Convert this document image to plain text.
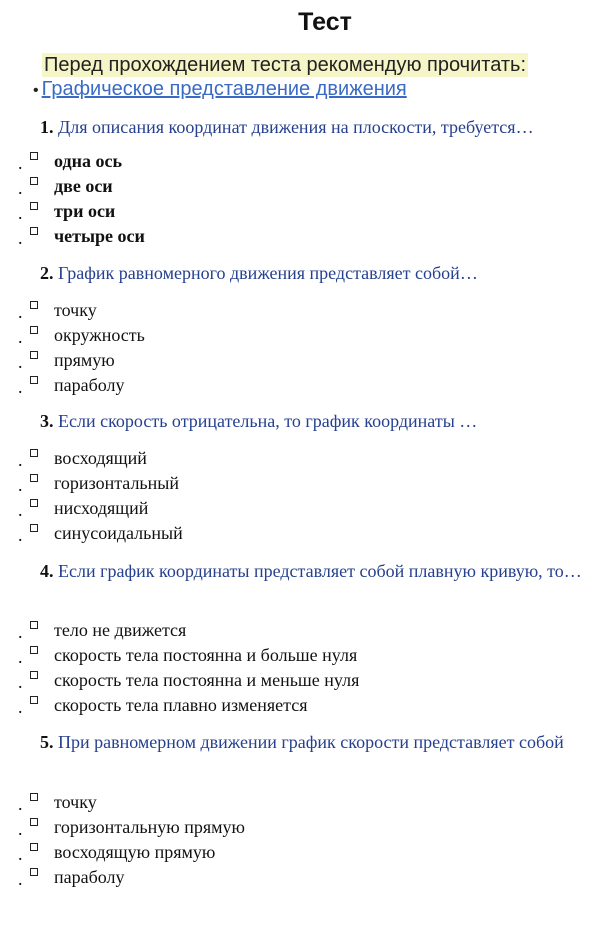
Тест
Перед прохождением теста рекомендую прочитать:
• Графическое представление движения
1. Для описания координат движения на плоскости, требуется…
. одна ось
. две оси
. три оси
. четыре оси
2. График равномерного движения представляет собой…
. точку
. окружность
. прямую
. параболу
3. Если скорость отрицательна, то график координаты …
. восходящий
. горизонтальный
. нисходящий
. синусоидальный
4. Если график координаты представляет собой плавную кривую, то…
. тело не движется
. скорость тела постоянна и больше нуля
. скорость тела постоянна и меньше нуля
. скорость тела плавно изменяется
5. При равномерном движении график скорости представляет собой
. точку
. горизонтальную прямую
. восходящую прямую
. параболу
